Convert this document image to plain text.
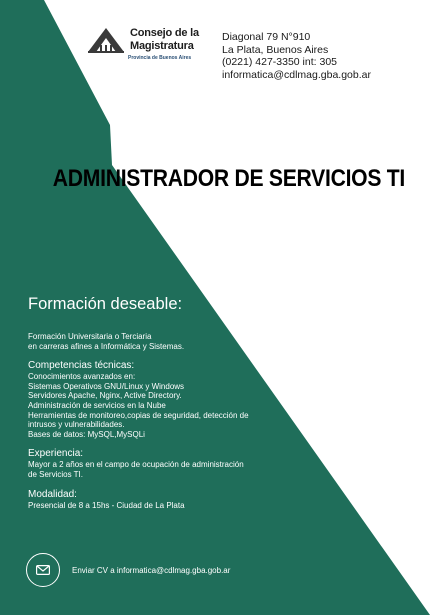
Consejo de la
Magistratura
Provincia de Buenos Aires
Diagonal 79 N°910
La Plata, Buenos Aires
(0221) 427-3350 int: 305
informatica@cdlmag.gba.gob.ar
ADMINISTRADOR DE SERVICIOS TI
Formación deseable:
Formación Universitaria o Terciaria
en carreras afines a Informática y Sistemas.
Competencias técnicas:
Conocimientos avanzados en:
Sistemas Operativos GNU/Linux y Windows
Servidores Apache, Nginx, Active Directory.
Administración de servicios en la Nube
Herramientas de monitoreo,copias de seguridad, detección de
intrusos y vulnerabilidades.
Bases de datos: MySQL,MySQLi
Experiencia:
Mayor a 2 años en el campo de ocupación de administración
de Servicios TI.
Modalidad:
Presencial de 8 a 15hs - Ciudad de La Plata
Enviar CV a informatica@cdlmag.gba.gob.ar
